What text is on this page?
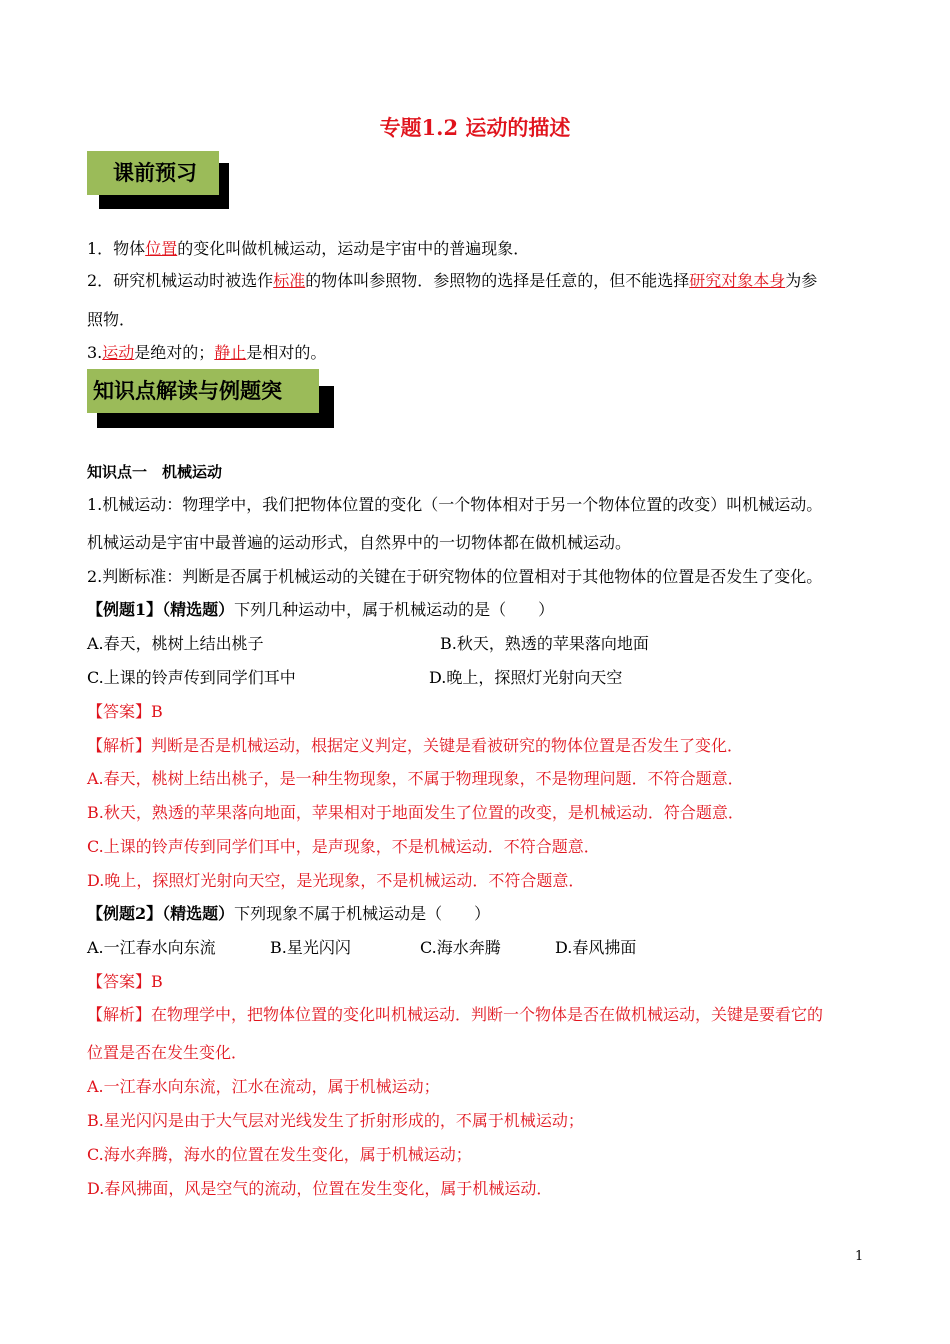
专题1.2 运动的描述
课前预习
1．物体位置的变化叫做机械运动，运动是宇宙中的普遍现象．
2．研究机械运动时被选作标准的物体叫参照物．参照物的选择是任意的，但不能选择研究对象本身为参
照物．
3.运动是绝对的；静止是相对的。
知识点解读与例题突
知识点一　机械运动
1.机械运动：物理学中，我们把物体位置的变化（一个物体相对于另一个物体位置的改变）叫机械运动。
机械运动是宇宙中最普遍的运动形式，自然界中的一切物体都在做机械运动。
2.判断标准：判断是否属于机械运动的关键在于研究物体的位置相对于其他物体的位置是否发生了变化。
【例题1】（精选题）下列几种运动中，属于机械运动的是（　　）
A.春天，桃树上结出桃子	B.秋天，熟透的苹果落向地面
C.上课的铃声传到同学们耳中	D.晚上，探照灯光射向天空
【答案】B
【解析】判断是否是机械运动，根据定义判定，关键是看被研究的物体位置是否发生了变化．
A.春天，桃树上结出桃子，是一种生物现象，不属于物理现象，不是物理问题．不符合题意．
B.秋天，熟透的苹果落向地面，苹果相对于地面发生了位置的改变，是机械运动．符合题意．
C.上课的铃声传到同学们耳中，是声现象，不是机械运动．不符合题意．
D.晚上，探照灯光射向天空，是光现象，不是机械运动．不符合题意．
【例题2】（精选题）下列现象不属于机械运动是（　　）
A.一江春水向东流	B.星光闪闪	C.海水奔腾	D.春风拂面
【答案】B
【解析】在物理学中，把物体位置的变化叫机械运动．判断一个物体是否在做机械运动，关键是要看它的
位置是否在发生变化．
A.一江春水向东流，江水在流动，属于机械运动；
B.星光闪闪是由于大气层对光线发生了折射形成的，不属于机械运动；
C.海水奔腾，海水的位置在发生变化，属于机械运动；
D.春风拂面，风是空气的流动，位置在发生变化，属于机械运动．
1
